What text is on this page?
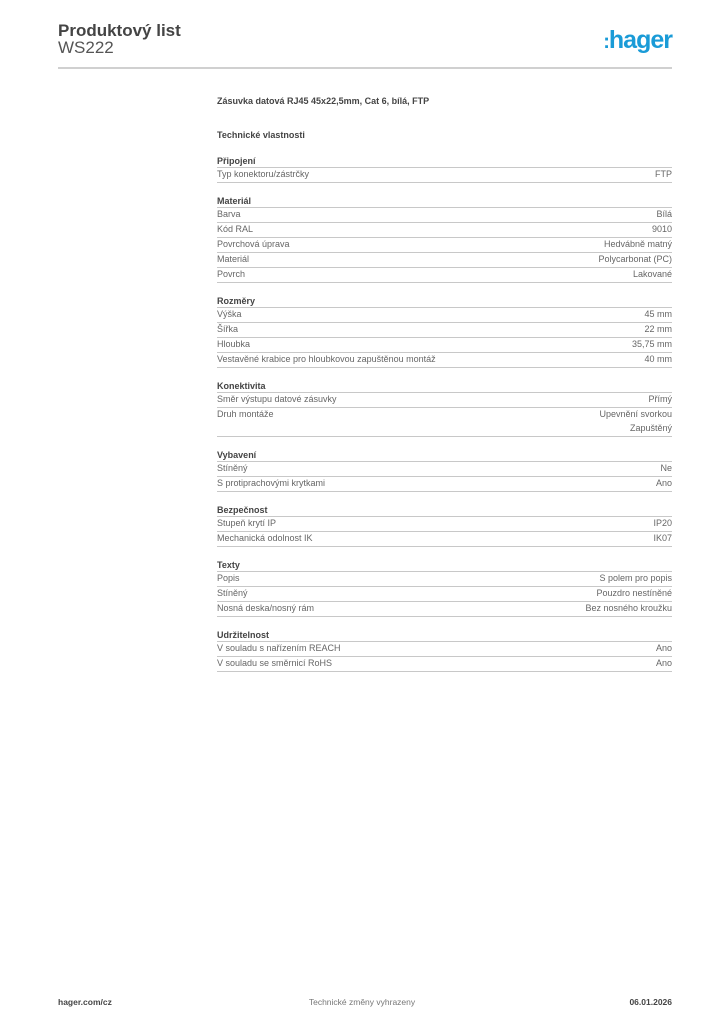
Produktový list
WS222	:hager
Zásuvka datová RJ45 45x22,5mm, Cat 6, bílá, FTP
Technické vlastnosti
Připojení
Typ konektoru/zástrčky	FTP
Materiál
Barva	Bílá
Kód RAL	9010
Povrchová úprava	Hedvábně matný
Materiál	Polycarbonat (PC)
Povrch	Lakované
Rozměry
Výška	45 mm
Šířka	22 mm
Hloubka	35,75 mm
Vestavěné krabice pro hloubkovou zapuštěnou montáž	40 mm
Konektivita
Směr výstupu datové zásuvky	Přímý
Druh montáže	Upevnění svorkou
Zapuštěný
Vybavení
Stíněný	Ne
S protiprachovými krytkami	Ano
Bezpečnost
Stupeň krytí IP	IP20
Mechanická odolnost IK	IK07
Texty
Popis	S polem pro popis
Stíněný	Pouzdro nestíněné
Nosná deska/nosný rám	Bez nosného kroužku
Udržitelnost
V souladu s nařízením REACH	Ano
V souladu se směrnicí RoHS	Ano
hager.com/cz	Technické změny vyhrazeny	06.01.2026
